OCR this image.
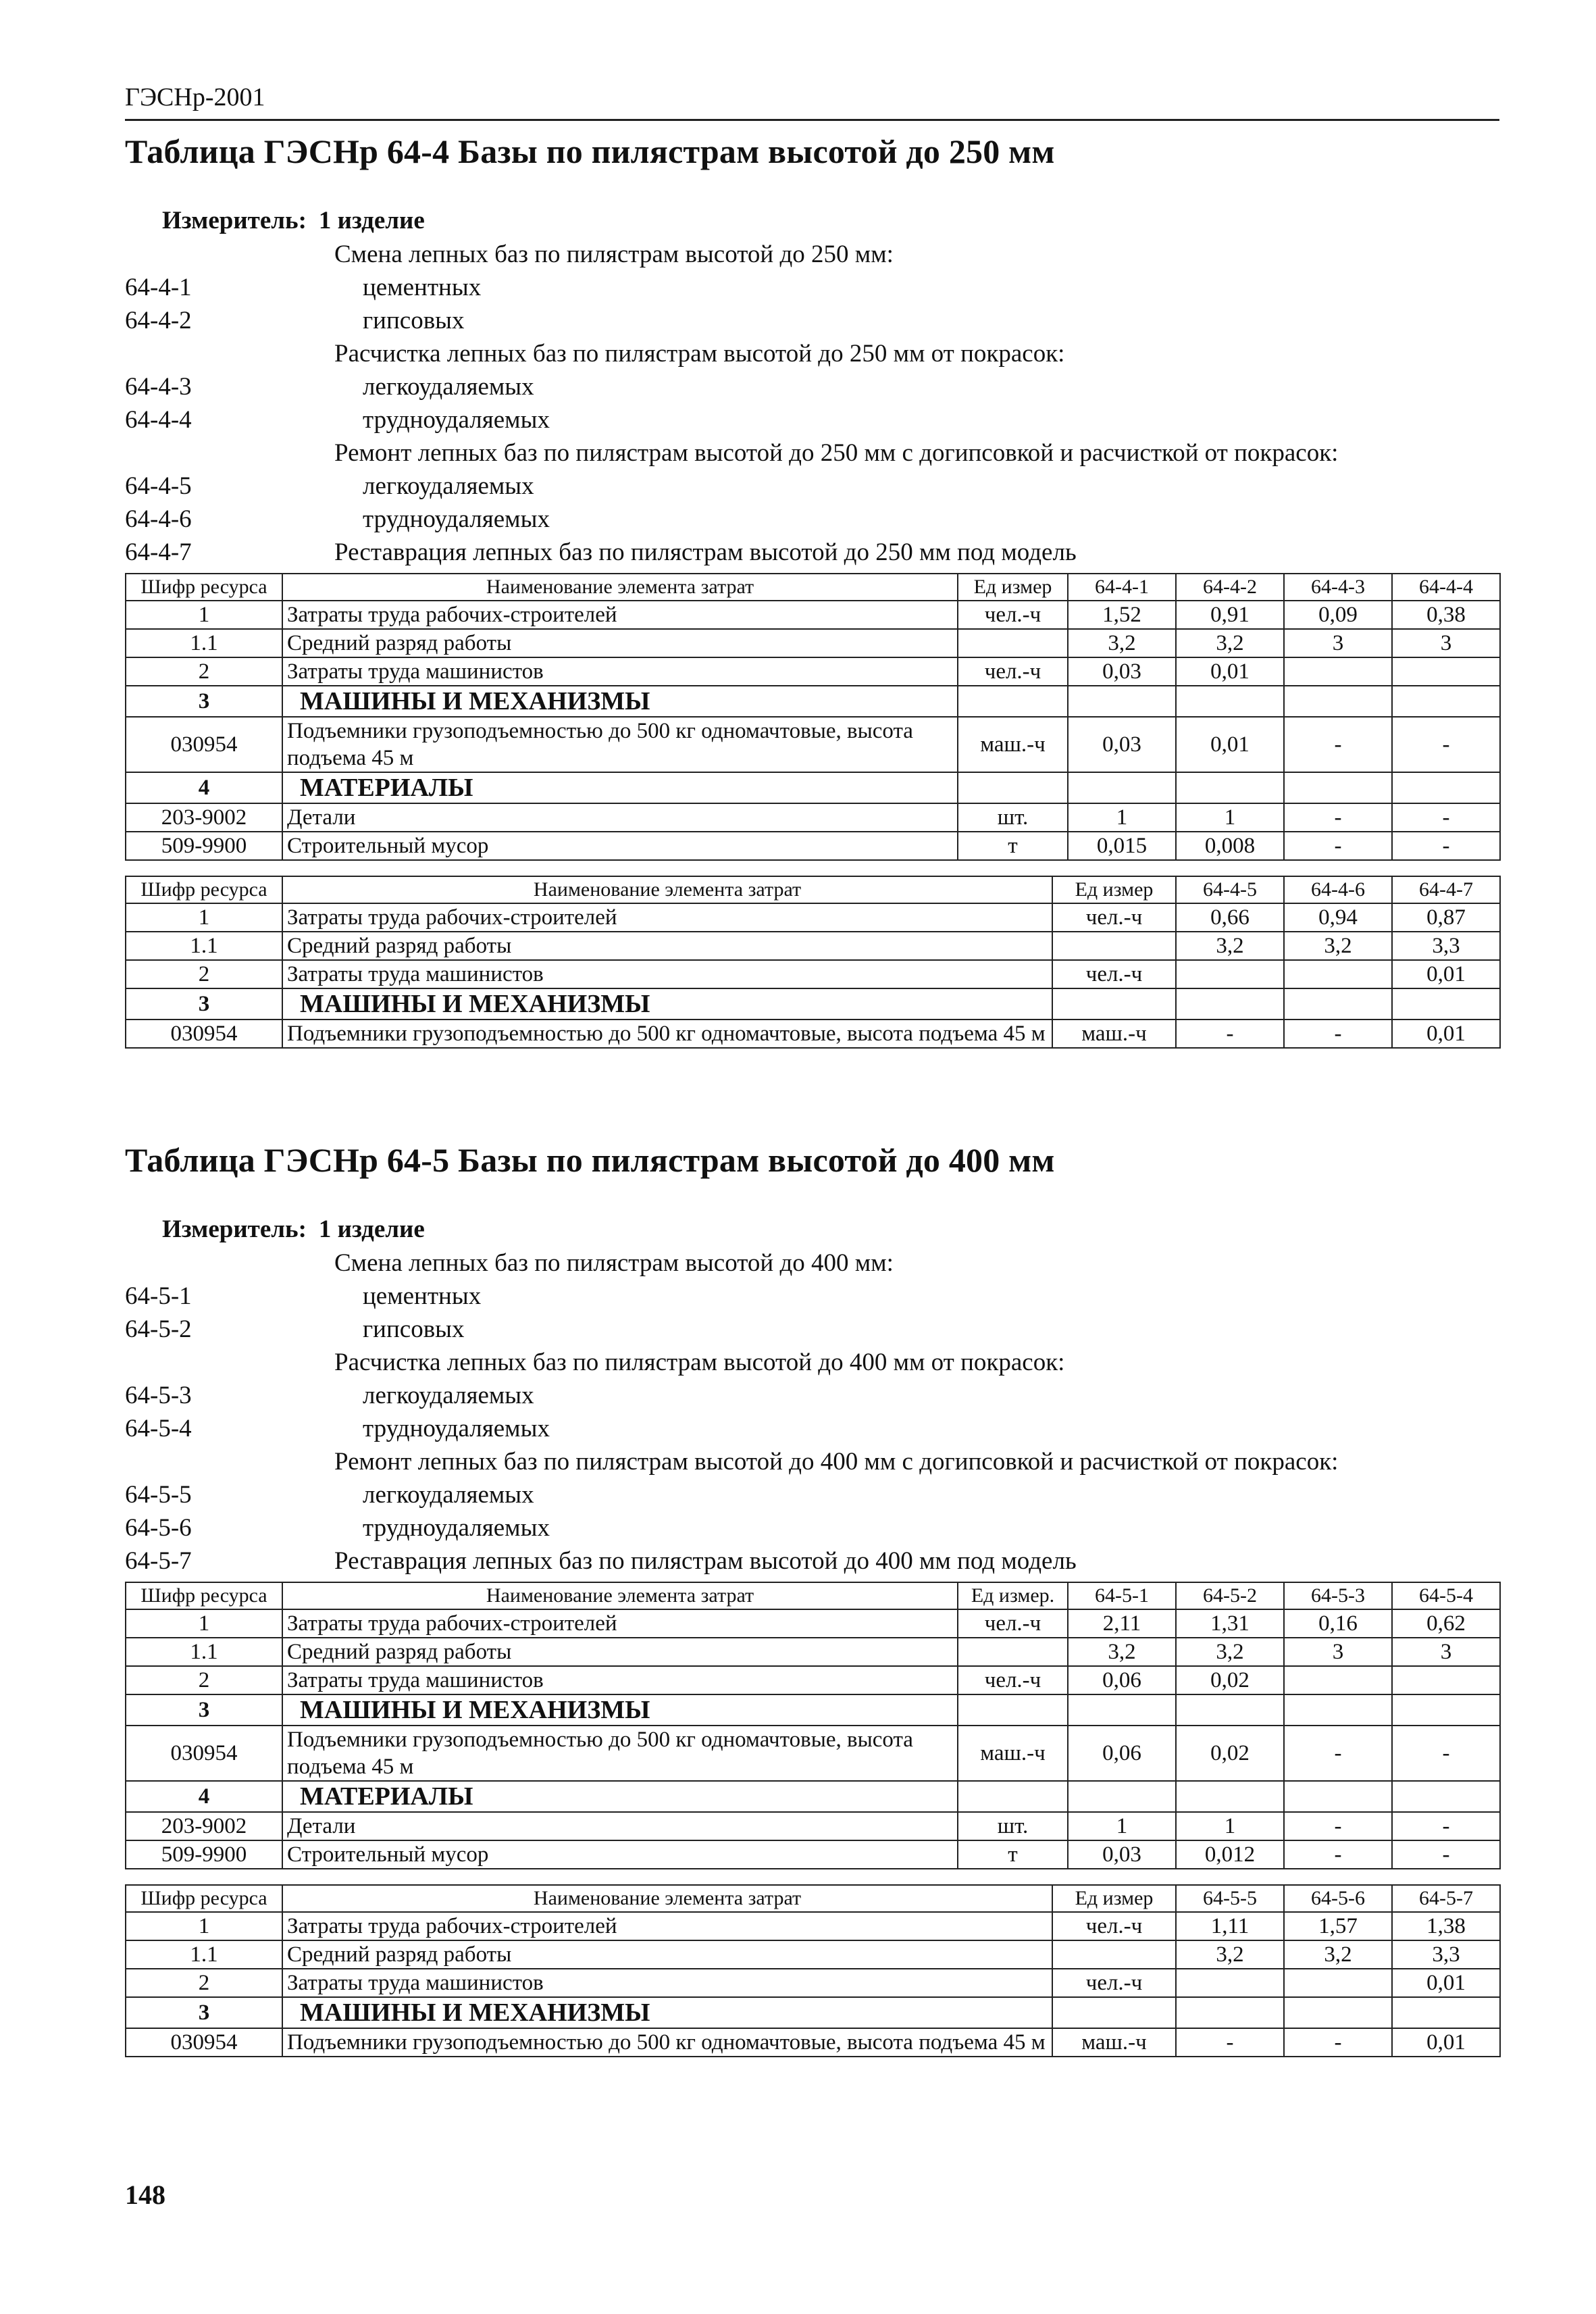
ГЭСНр-2001
Таблица ГЭСНр 64-4 Базы по пилястрам высотой до 250 мм
Измеритель: 1 изделие
Смена лепных баз по пилястрам высотой до 250 мм:
64-4-1	цементных
64-4-2	гипсовых
Расчистка лепных баз по пилястрам высотой до 250 мм от покрасок:
64-4-3	легкоудаляемых
64-4-4	трудноудаляемых
Ремонт лепных баз по пилястрам высотой до 250 мм с догипсовкой и расчисткой от покрасок:
64-4-5	легкоудаляемых
64-4-6	трудноудаляемых
64-4-7	Реставрация лепных баз по пилястрам высотой до 250 мм под модель
Шифр ресурса	Наименование элемента затрат	Ед измер	64-4-1	64-4-2	64-4-3	64-4-4
1	Затраты труда рабочих-строителей	чел.-ч	1,52	0,91	0,09	0,38
1.1	Средний разряд работы		3,2	3,2	3	3
2	Затраты труда машинистов	чел.-ч	0,03	0,01		
3	МАШИНЫ И МЕХАНИЗМЫ					
030954	Подъемники грузоподъемностью до 500 кг одномачтовые, высота подъема 45 м	маш.-ч	0,03	0,01	-	-
4	МАТЕРИАЛЫ					
203-9002	Детали	шт.	1	1	-	-
509-9900	Строительный мусор	т	0,015	0,008	-	-
Шифр ресурса	Наименование элемента затрат	Ед измер	64-4-5	64-4-6	64-4-7
1	Затраты труда рабочих-строителей	чел.-ч	0,66	0,94	0,87
1.1	Средний разряд работы		3,2	3,2	3,3
2	Затраты труда машинистов	чел.-ч			0,01
3	МАШИНЫ И МЕХАНИЗМЫ				
030954	Подъемники грузоподъемностью до 500 кг одномачтовые, высота подъема 45 м	маш.-ч	-	-	0,01
Таблица ГЭСНр 64-5 Базы по пилястрам высотой до 400 мм
Измеритель: 1 изделие
Смена лепных баз по пилястрам высотой до 400 мм:
64-5-1	цементных
64-5-2	гипсовых
Расчистка лепных баз по пилястрам высотой до 400 мм от покрасок:
64-5-3	легкоудаляемых
64-5-4	трудноудаляемых
Ремонт лепных баз по пилястрам высотой до 400 мм с догипсовкой и расчисткой от покрасок:
64-5-5	легкоудаляемых
64-5-6	трудноудаляемых
64-5-7	Реставрация лепных баз по пилястрам высотой до 400 мм под модель
Шифр ресурса	Наименование элемента затрат	Ед измер.	64-5-1	64-5-2	64-5-3	64-5-4
1	Затраты труда рабочих-строителей	чел.-ч	2,11	1,31	0,16	0,62
1.1	Средний разряд работы		3,2	3,2	3	3
2	Затраты труда машинистов	чел.-ч	0,06	0,02		
3	МАШИНЫ И МЕХАНИЗМЫ					
030954	Подъемники грузоподъемностью до 500 кг одномачтовые, высота подъема 45 м	маш.-ч	0,06	0,02	-	-
4	МАТЕРИАЛЫ					
203-9002	Детали	шт.	1	1	-	-
509-9900	Строительный мусор	т	0,03	0,012	-	-
Шифр ресурса	Наименование элемента затрат	Ед измер	64-5-5	64-5-6	64-5-7
1	Затраты труда рабочих-строителей	чел.-ч	1,11	1,57	1,38
1.1	Средний разряд работы		3,2	3,2	3,3
2	Затраты труда машинистов	чел.-ч			0,01
3	МАШИНЫ И МЕХАНИЗМЫ				
030954	Подъемники грузоподъемностью до 500 кг одномачтовые, высота подъема 45 м	маш.-ч	-	-	0,01
148
